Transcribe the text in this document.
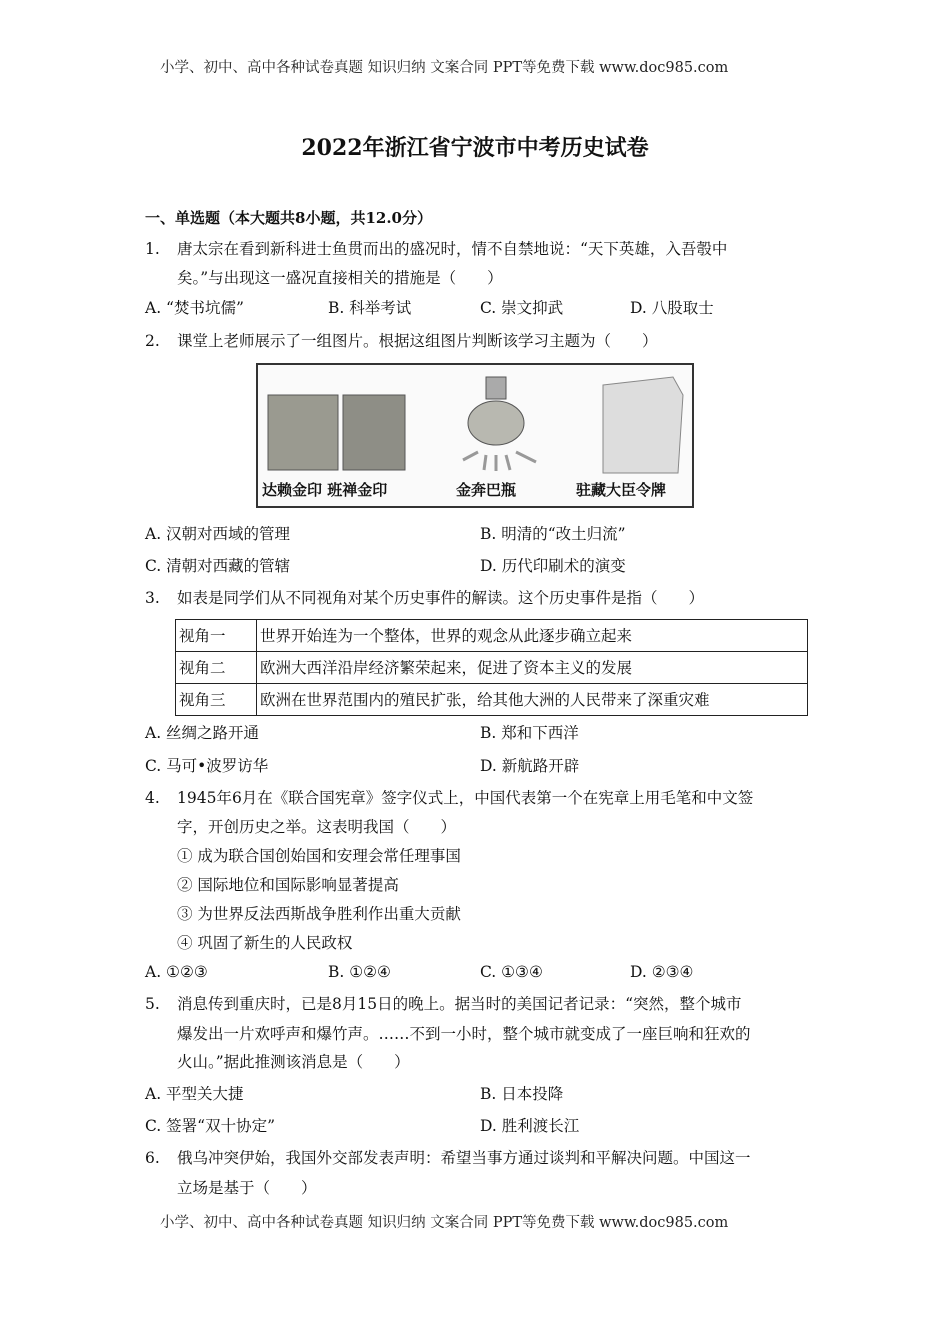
小学、初中、高中各种试卷真题 知识归纳 文案合同 PPT等免费下载 www.doc985.com
2022年浙江省宁波市中考历史试卷
一、单选题（本大题共8小题，共12.0分）
1. 唐太宗在看到新科进士鱼贯而出的盛况时，情不自禁地说：“天下英雄，入吾彀中
矣。”与出现这一盛况直接相关的措施是（　　）
A. “焚书坑儒”	B. 科举考试	C. 崇文抑武	D. 八股取士
2. 课堂上老师展示了一组图片。根据这组图片判断该学习主题为（　　）
达赖金印 班禅金印	金奔巴瓶	驻藏大臣令牌
A. 汉朝对西域的管理	B. 明清的“改土归流”
C. 清朝对西藏的管辖	D. 历代印刷术的演变
3. 如表是同学们从不同视角对某个历史事件的解读。这个历史事件是指（　　）
视角一	世界开始连为一个整体，世界的观念从此逐步确立起来
视角二	欧洲大西洋沿岸经济繁荣起来，促进了资本主义的发展
视角三	欧洲在世界范围内的殖民扩张，给其他大洲的人民带来了深重灾难
A. 丝绸之路开通	B. 郑和下西洋
C. 马可•波罗访华	D. 新航路开辟
4. 1945年6月在《联合国宪章》签字仪式上，中国代表第一个在宪章上用毛笔和中文签
字，开创历史之举。这表明我国（　　）
① 成为联合国创始国和安理会常任理事国
② 国际地位和国际影响显著提高
③ 为世界反法西斯战争胜利作出重大贡献
④ 巩固了新生的人民政权
A. ①②③	B. ①②④	C. ①③④	D. ②③④
5. 消息传到重庆时，已是8月15日的晚上。据当时的美国记者记录：“突然，整个城市
爆发出一片欢呼声和爆竹声。……不到一小时，整个城市就变成了一座巨响和狂欢的
火山。”据此推测该消息是（　　）
A. 平型关大捷	B. 日本投降
C. 签署“双十协定”	D. 胜利渡长江
6. 俄乌冲突伊始，我国外交部发表声明：希望当事方通过谈判和平解决问题。中国这一
立场是基于（　　）
小学、初中、高中各种试卷真题 知识归纳 文案合同 PPT等免费下载 www.doc985.com
